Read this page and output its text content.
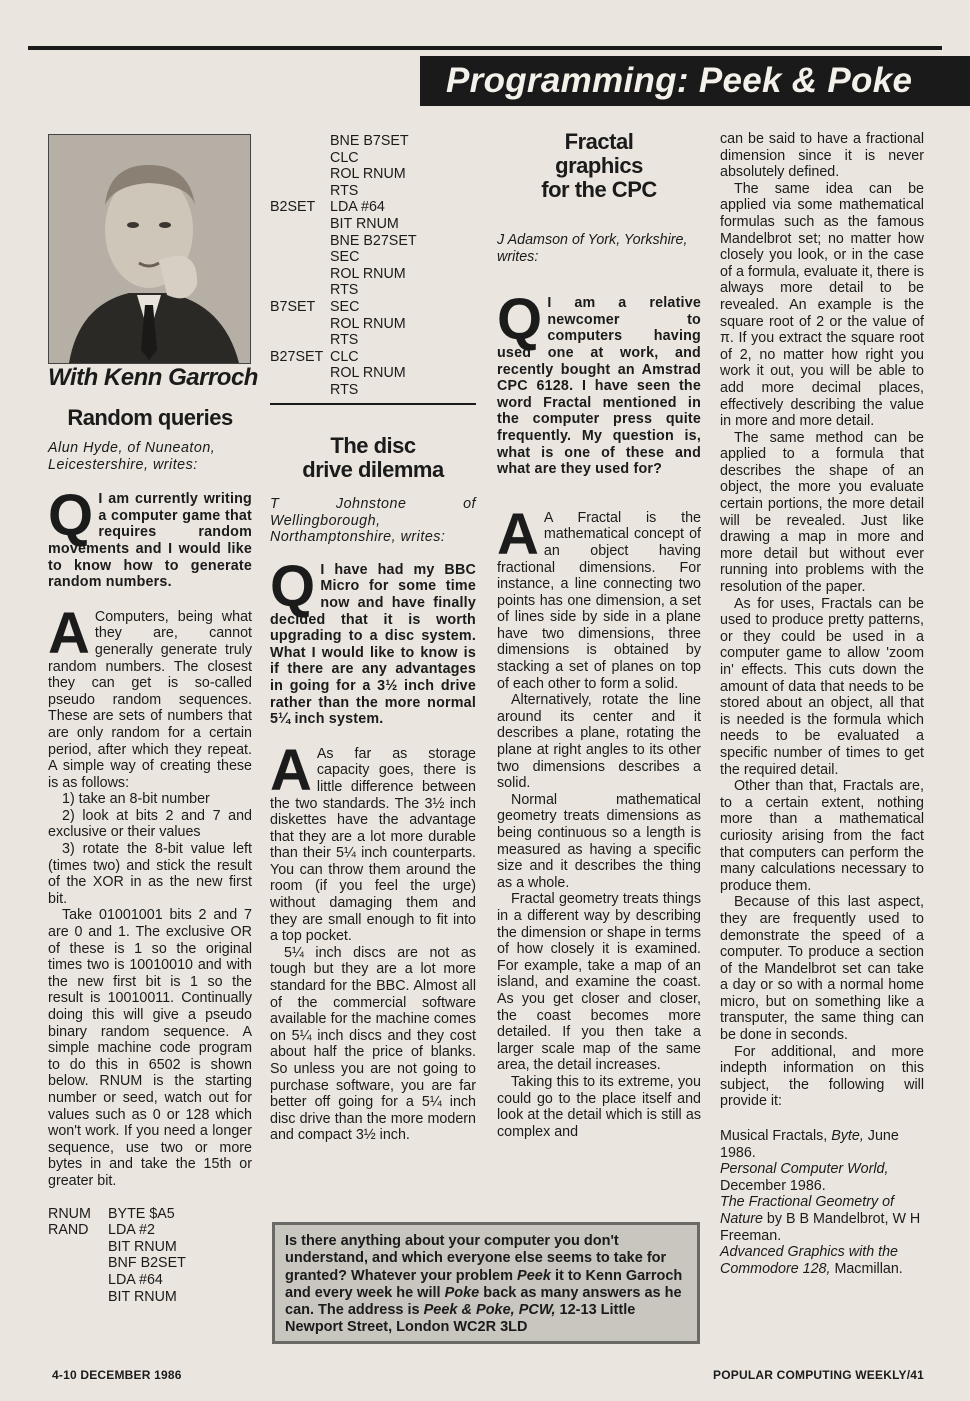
Programming: Peek & Poke
With Kenn Garroch
Random queries

Alun Hyde, of Nuneaton, Leicestershire, writes:

Q I am currently writing a computer game that requires random movements and I would like to know how to generate random numbers.

A Computers, being what they are, cannot generally generate truly random numbers. The closest they can get is so-called pseudo random sequences. These are sets of numbers that are only random for a certain period, after which they repeat. A simple way of creating these is as follows:

1) take an 8-bit number

2) look at bits 2 and 7 and exclusive or their values

3) rotate the 8-bit value left (times two) and stick the result of the XOR in as the new first bit.

Take 01001001 bits 2 and 7 are 0 and 1. The exclusive OR of these is 1 so the original times two is 10010010 and with the new first bit is 1 so the result is 10010011. Continually doing this will give a pseudo binary random sequence. A simple machine code program to do this in 6502 is shown below. RNUM is the starting number or seed, watch out for values such as 0 or 128 which won't work. If you need a longer sequence, use two or more bytes in and take the 15th or greater bit.

RNUM	BYTE $A5
RAND	LDA #2
BIT RNUM
BNF B2SET
LDA #64
BIT RNUM
BNE B7SET
CLC
ROL RNUM
RTS
B2SET	LDA #64
BIT RNUM
BNE B27SET
SEC
ROL RNUM
RTS
B7SET	SEC
ROL RNUM
RTS
B27SET CLC
ROL RNUM
RTS
The disc
drive dilemma

T Johnstone of Wellingborough, Northamptonshire, writes:

Q I have had my BBC Micro for some time now and have finally decided that it is worth upgrading to a disc system. What I would like to know is if there are any advantages in going for a 3½ inch drive rather than the more normal 5¼ inch system.

A As far as storage capacity goes, there is little difference between the two standards. The 3½ inch diskettes have the advantage that they are a lot more durable than their 5¼ inch counterparts. You can throw them around the room (if you feel the urge) without damaging them and they are small enough to fit into a top pocket.

5¼ inch discs are not as tough but they are a lot more standard for the BBC. Almost all of the commercial software available for the machine comes on 5¼ inch discs and they cost about half the price of blanks. So unless you are not going to purchase software, you are far better off going for a 5¼ inch disc drive than the more modern and compact 3½ inch.

Fractal
graphics
for the CPC

J Adamson of York, Yorkshire, writes:

Q I am a relative newcomer to computers having used one at work, and recently bought an Amstrad CPC 6128. I have seen the word Fractal mentioned in the computer press quite frequently. My question is, what is one of these and what are they used for?

A A Fractal is the mathematical concept of an object having fractional dimensions. For instance, a line connecting two points has one dimension, a set of lines side by side in a plane have two dimensions, three dimensions is obtained by stacking a set of planes on top of each other to form a solid.

Alternatively, rotate the line around its center and it describes a plane, rotating the plane at right angles to its other two dimensions describes a solid.

Normal mathematical geometry treats dimensions as being continuous so a length is measured as having a specific size and it describes the thing as a whole.

Fractal geometry treats things in a different way by describing the dimension or shape in terms of how closely it is examined. For example, take a map of an island, and examine the coast. As you get closer and closer, the coast becomes more detailed. If you then take a larger scale map of the same area, the detail increases.

Taking this to its extreme, you could go to the place itself and look at the detail which is still as complex and

can be said to have a fractional dimension since it is never absolutely defined.

The same idea can be applied via some mathematical formulas such as the famous Mandelbrot set; no matter how closely you look, or in the case of a formula, evaluate it, there is always more detail to be revealed. An example is the square root of 2 or the value of π. If you extract the square root of 2, no matter how right you work it out, you will be able to add more decimal places, effectively describing the value in more and more detail.

The same method can be applied to a formula that describes the shape of an object, the more you evaluate certain portions, the more detail will be revealed. Just like drawing a map in more and more detail but without ever running into problems with the resolution of the paper.

As for uses, Fractals can be used to produce pretty patterns, or they could be used in a computer game to allow 'zoom in' effects. This cuts down the amount of data that needs to be stored about an object, all that is needed is the formula which needs to be evaluated a specific number of times to get the required detail.

Other than that, Fractals are, to a certain extent, nothing more than a mathematical curiosity arising from the fact that computers can perform the many calculations necessary to produce them.

Because of this last aspect, they are frequently used to demonstrate the speed of a computer. To produce a section of the Mandelbrot set can take a day or so with a normal home micro, but on something like a transputer, the same thing can be done in seconds.

For additional, and more indepth information on this subject, the following will provide it:

Musical Fractals, Byte, June 1986.

Personal Computer World, December 1986.

The Fractional Geometry of Nature by B B Mandelbrot, W H Freeman.

Advanced Graphics with the Commodore 128, Macmillan.

Is there anything about your computer you don't understand, and which everyone else seems to take for granted? Whatever your problem Peek it to Kenn Garroch and every week he will Poke back as many answers as he can. The address is Peek & Poke, PCW, 12-13 Little Newport Street, London WC2R 3LD
4-10 DECEMBER 1986	POPULAR COMPUTING WEEKLY/41
